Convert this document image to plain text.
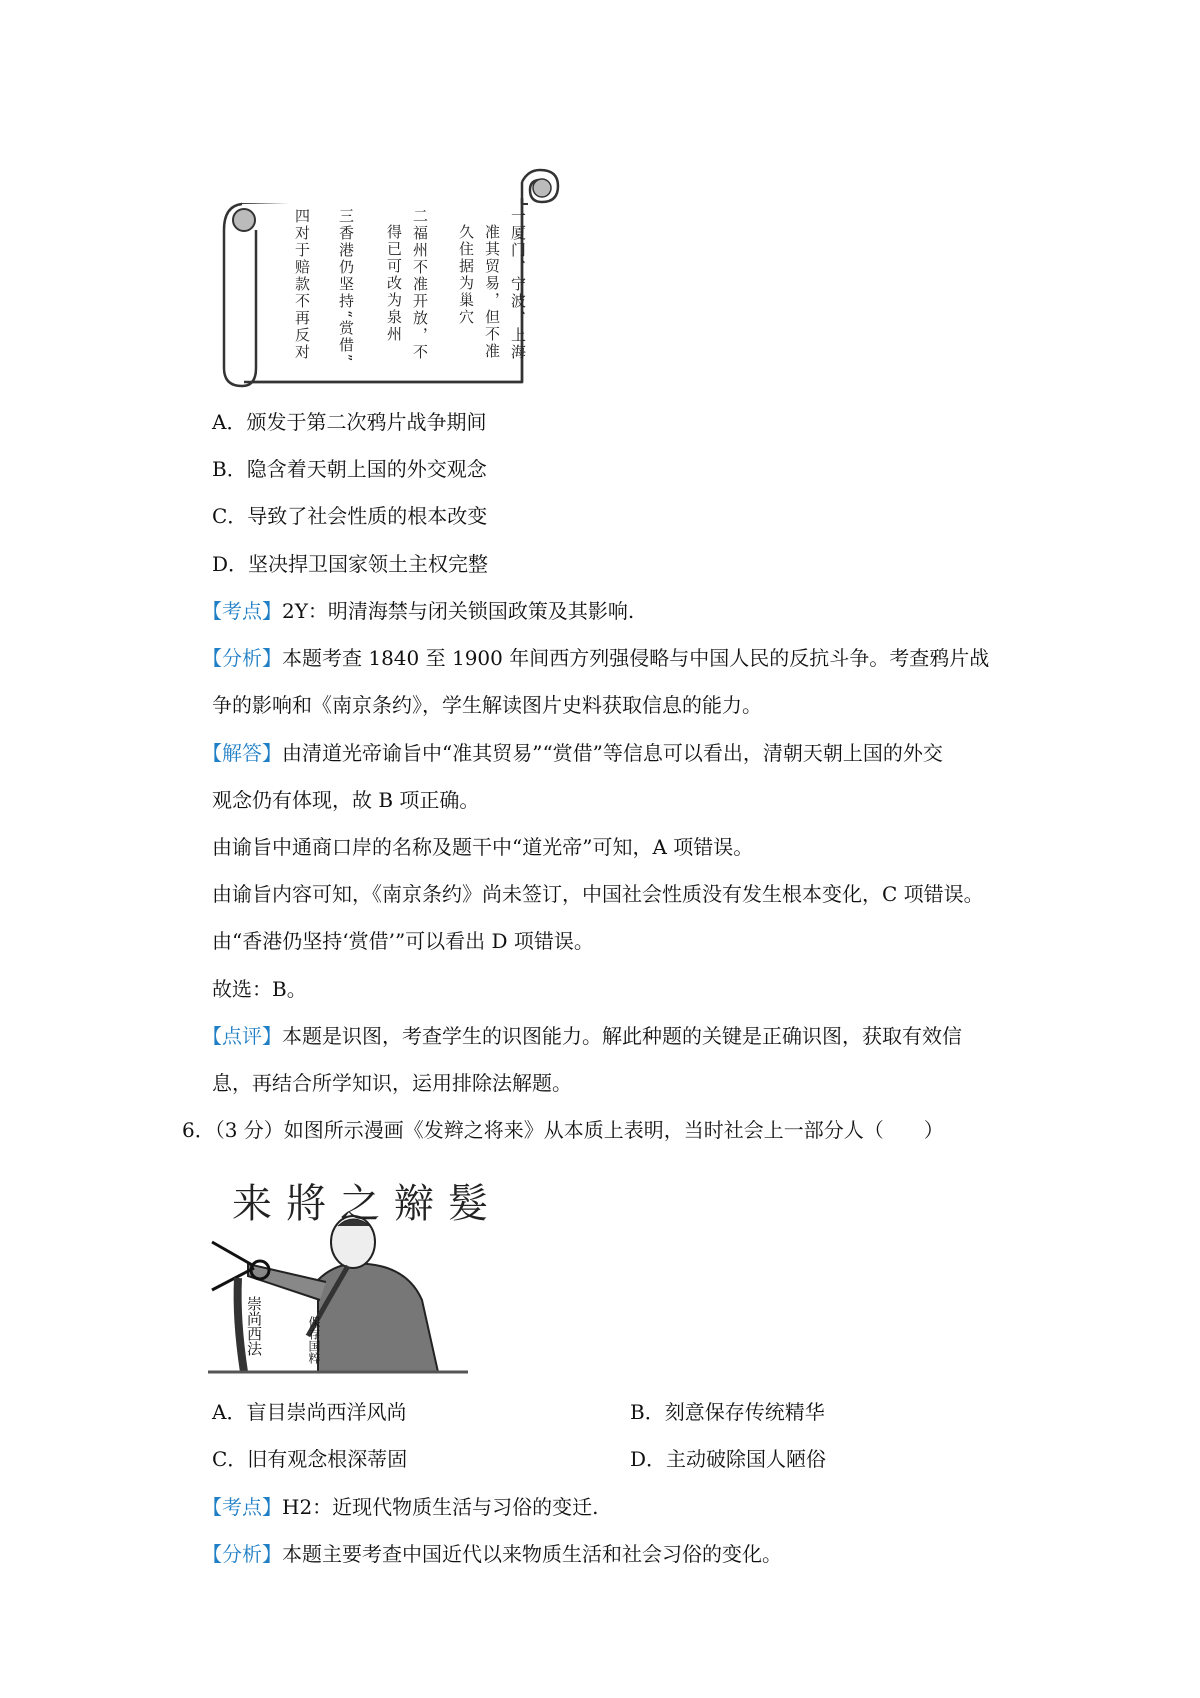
一厦门、宁波、上海
准其贸易，但不准
久住据为巢穴
二福州不准开放，不
得已可改为泉州
三香港仍坚持“赏借”
四对于赔款不再反对
A．颁发于第二次鸦片战争期间
B．隐含着天朝上国的外交观念
C．导致了社会性质的根本改变
D．坚决捍卫国家领土主权完整
【考点】2Y：明清海禁与闭关锁国政策及其影响.
【分析】本题考查 1840 至 1900 年间西方列强侵略与中国人民的反抗斗争。考查鸦片战
争的影响和《南京条约》，学生解读图片史料获取信息的能力。
【解答】由清道光帝谕旨中“准其贸易”“赏借”等信息可以看出，清朝天朝上国的外交
观念仍有体现，故 B 项正确。
由谕旨中通商口岸的名称及题干中“道光帝”可知，A 项错误。
由谕旨内容可知，《南京条约》尚未签订，中国社会性质没有发生根本变化，C 项错误。
由“香港仍坚持‘赏借’”可以看出 D 项错误。
故选：B。
【点评】本题是识图，考查学生的识图能力。解此种题的关键是正确识图，获取有效信
息，再结合所学知识，运用排除法解题。
6．（3 分）如图所示漫画《发辫之将来》从本质上表明，当时社会上一部分人（　　）
来將之辮髮
崇尚西法	保存国粹
A．盲目崇尚西洋风尚	B．刻意保存传统精华
C．旧有观念根深蒂固	D．主动破除国人陋俗
【考点】H2：近现代物质生活与习俗的变迁.
【分析】本题主要考查中国近代以来物质生活和社会习俗的变化。
